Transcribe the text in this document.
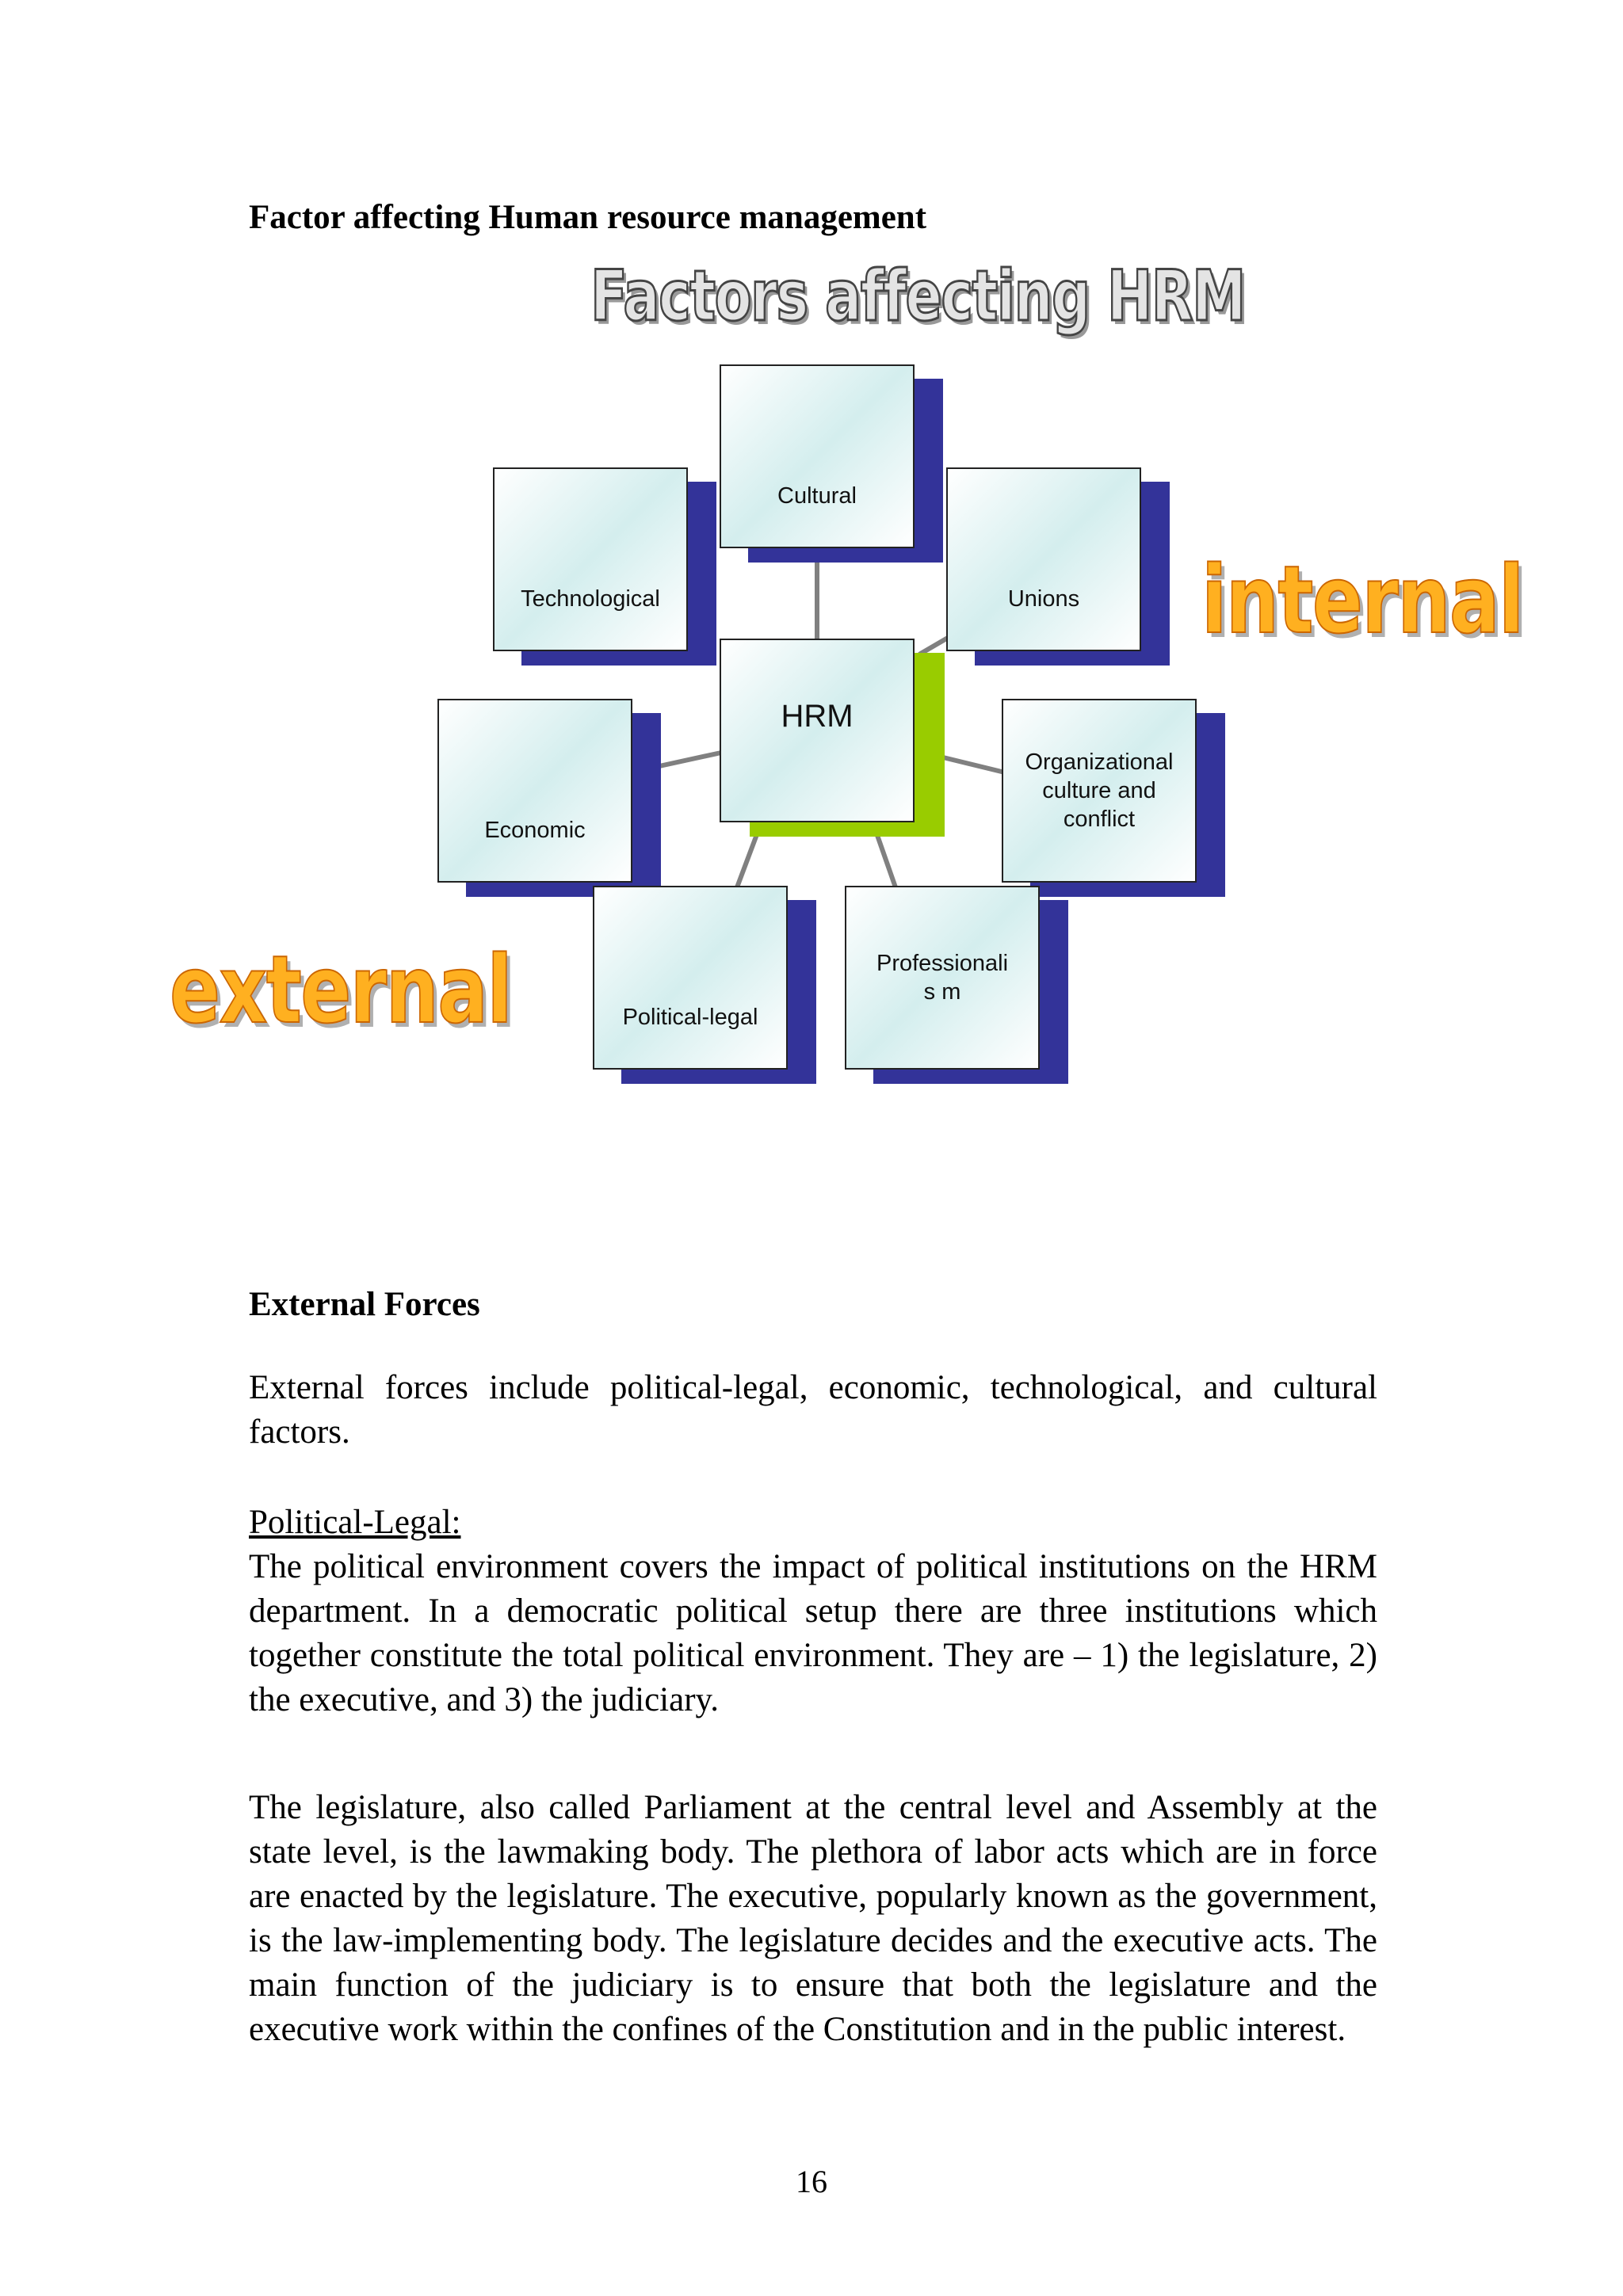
Factor affecting Human resource management
Cultural
Technological	Unions
HRM
Economic
Organizational culture and conflict
Political-legal
Professionalis m
Factors affecting HRM
internal
external
External Forces
External forces include political-legal, economic, technological, and cultural factors.
Political-Legal:
The political environment covers the impact of political institutions on the HRM department. In a democratic political setup there are three institutions which together constitute the total political environment. They are – 1) the legislature, 2) the executive, and 3) the judiciary.
The legislature, also called Parliament at the central level and Assembly at the state level, is the lawmaking body. The plethora of labor acts which are in force are enacted by the legislature. The executive, popularly known as the government, is the law-implementing body. The legislature decides and the executive acts. The main function of the judiciary is to ensure that both the legislature and the executive work within the confines of the Constitution and in the public interest.
16
